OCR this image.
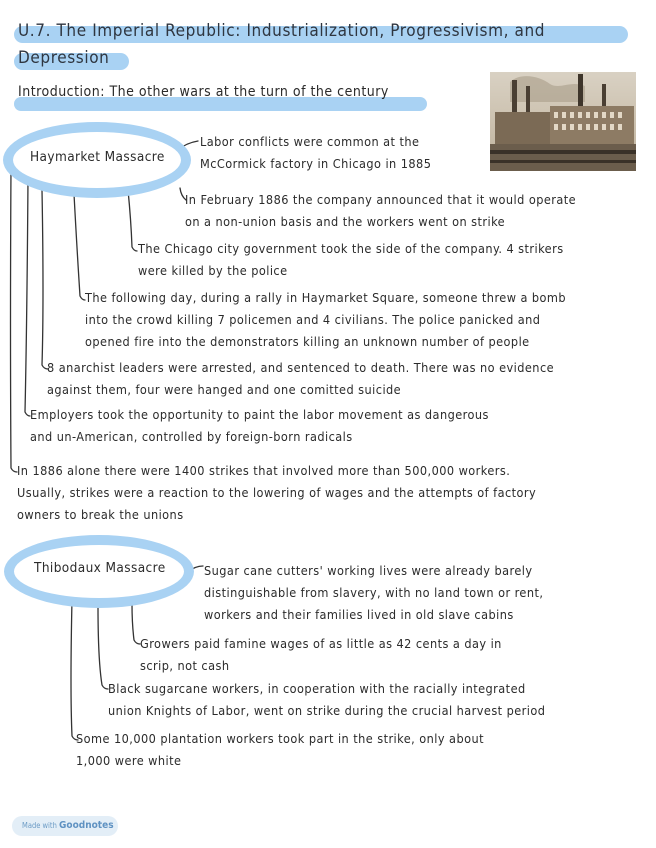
U.7. The Imperial Republic: Industrialization, Progressivism, and
Depression
Introduction: The other wars at the turn of the century
Haymarket Massacre
Labor conflicts were common at the
McCormick factory in Chicago in 1885
In February 1886 the company announced that it would operate
on a non-union basis and the workers went on strike
The Chicago city government took the side of the company. 4 strikers
were killed by the police
The following day, during a rally in Haymarket Square, someone threw a bomb
into the crowd killing 7 policemen and 4 civilians. The police panicked and
opened fire into the demonstrators killing an unknown number of people
8 anarchist leaders were arrested, and sentenced to death. There was no evidence
against them, four were hanged and one comitted suicide
Employers took the opportunity to paint the labor movement as dangerous
and un-American, controlled by foreign-born radicals
In 1886 alone there were 1400 strikes that involved more than 500,000 workers.
Usually, strikes were a reaction to the lowering of wages and the attempts of factory
owners to break the unions
Thibodaux Massacre	Sugar cane cutters' working lives were already barely
distinguishable from slavery, with no land town or rent,
workers and their families lived in old slave cabins
Growers paid famine wages of as little as 42 cents a day in
scrip, not cash
Black sugarcane workers, in cooperation with the racially integrated
union Knights of Labor, went on strike during the crucial harvest period
Some 10,000 plantation workers took part in the strike, only about
1,000 were white
Made with Goodnotes
